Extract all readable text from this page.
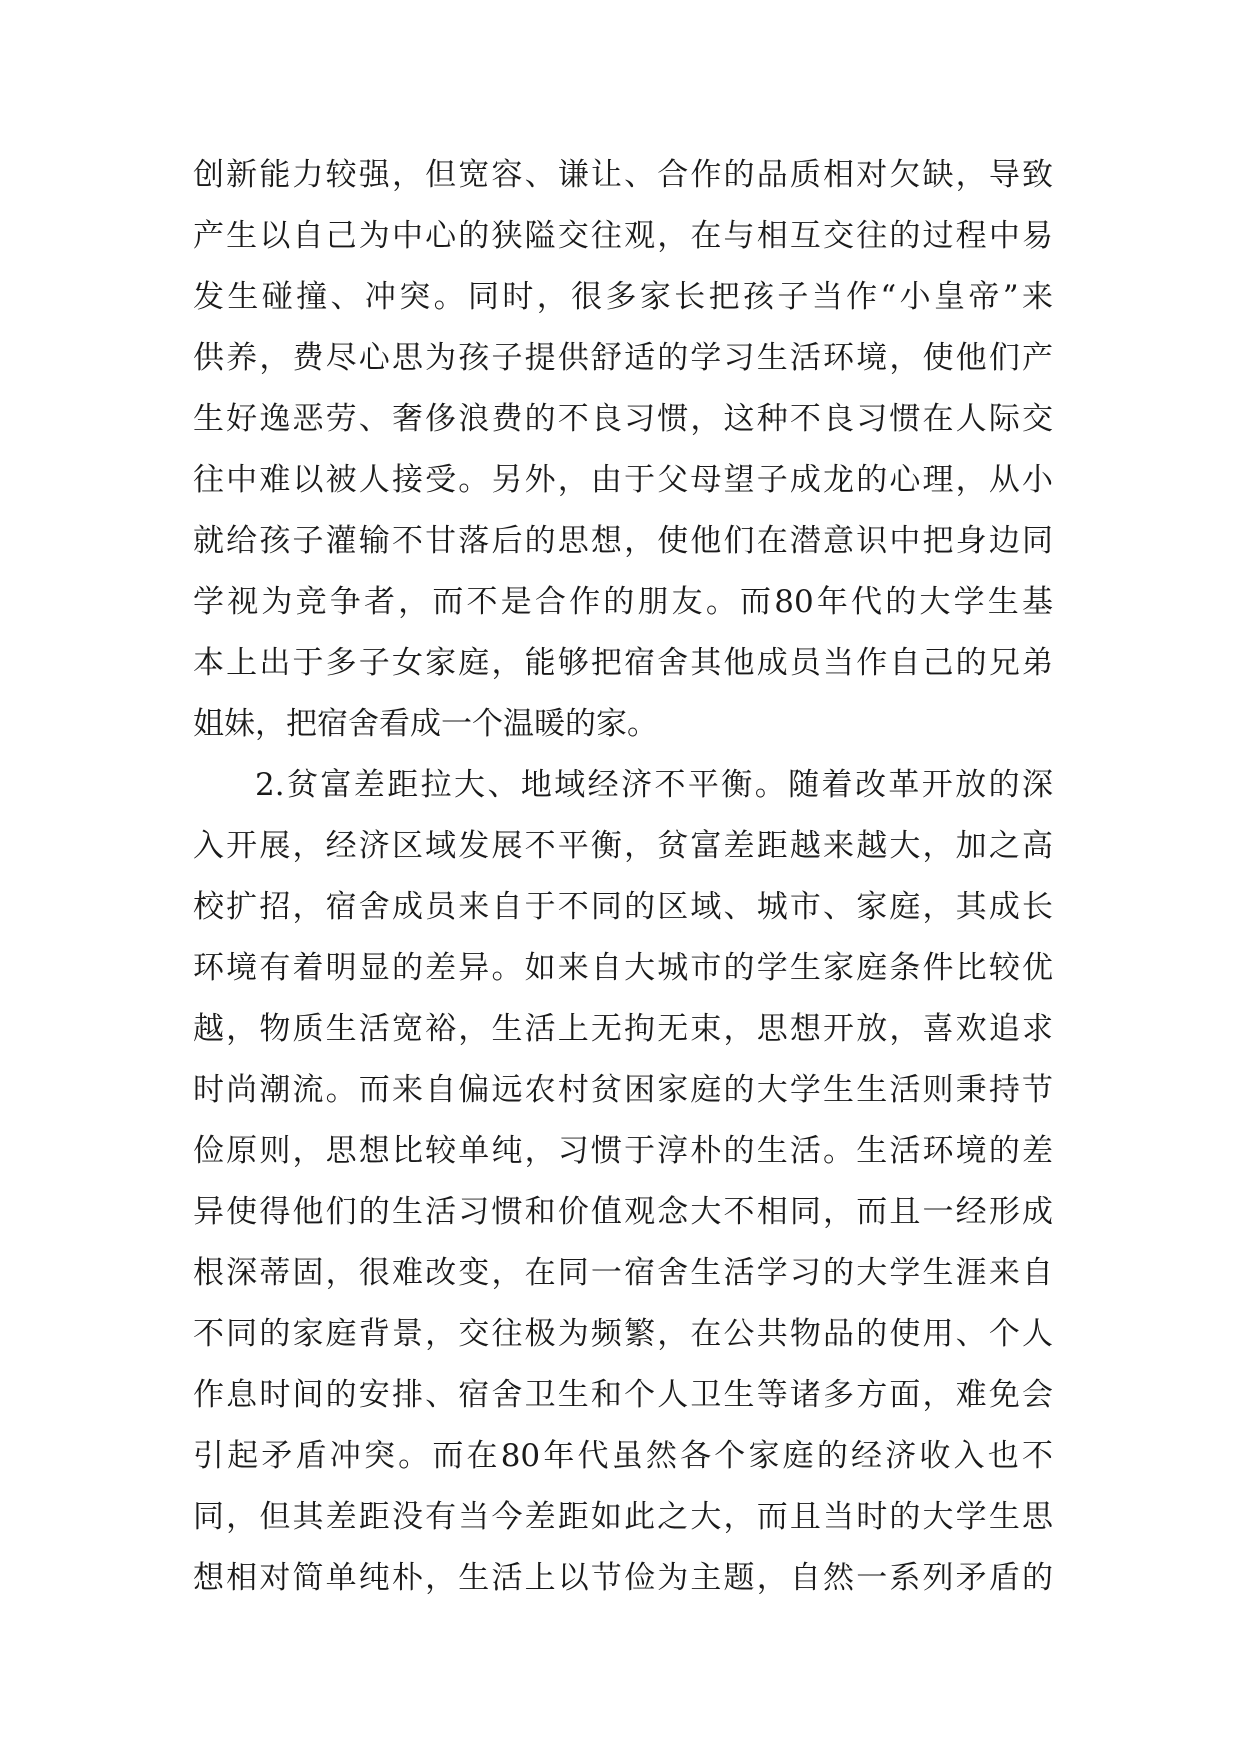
创新能力较强，但宽容、谦让、合作的品质相对欠缺，导致
产生以自己为中心的狭隘交往观，在与相互交往的过程中易
发生碰撞、冲突。同时，很多家长把孩子当作“小皇帝”来
供养，费尽心思为孩子提供舒适的学习生活环境，使他们产
生好逸恶劳、奢侈浪费的不良习惯，这种不良习惯在人际交
往中难以被人接受。另外，由于父母望子成龙的心理，从小
就给孩子灌输不甘落后的思想，使他们在潜意识中把身边同
学视为竞争者，而不是合作的朋友。而80年代的大学生基
本上出于多子女家庭，能够把宿舍其他成员当作自己的兄弟
姐妹，把宿舍看成一个温暖的家。
2.贫富差距拉大、地域经济不平衡。随着改革开放的深
入开展，经济区域发展不平衡，贫富差距越来越大，加之高
校扩招，宿舍成员来自于不同的区域、城市、家庭，其成长
环境有着明显的差异。如来自大城市的学生家庭条件比较优
越，物质生活宽裕，生活上无拘无束，思想开放，喜欢追求
时尚潮流。而来自偏远农村贫困家庭的大学生生活则秉持节
俭原则，思想比较单纯，习惯于淳朴的生活。生活环境的差
异使得他们的生活习惯和价值观念大不相同，而且一经形成
根深蒂固，很难改变，在同一宿舍生活学习的大学生涯来自
不同的家庭背景，交往极为频繁，在公共物品的使用、个人
作息时间的安排、宿舍卫生和个人卫生等诸多方面，难免会
引起矛盾冲突。而在80年代虽然各个家庭的经济收入也不
同，但其差距没有当今差距如此之大，而且当时的大学生思
想相对简单纯朴，生活上以节俭为主题，自然一系列矛盾的
